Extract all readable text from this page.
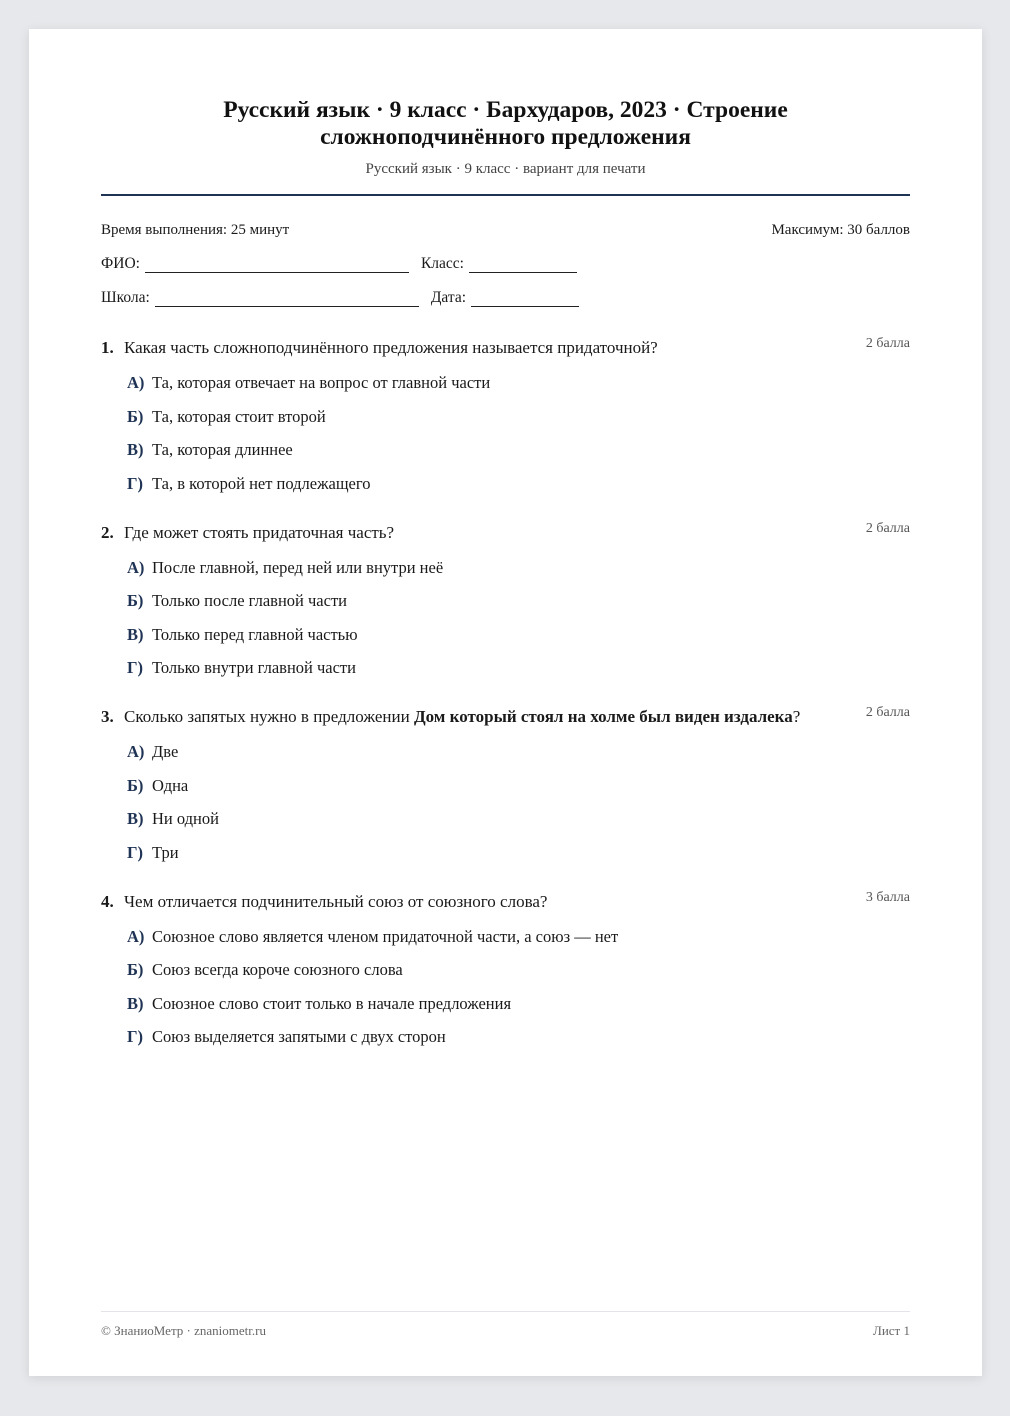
Русский язык · 9 класс · Бархударов, 2023 · Строение
сложноподчинённого предложения
Русский язык · 9 класс · вариант для печати
Время выполнения: 25 минут	Максимум: 30 баллов
ФИО:	Класс:
Школа:	Дата:
1. Какая часть сложноподчинённого предложения называется придаточной?	2 балла
А) Та, которая отвечает на вопрос от главной части
Б) Та, которая стоит второй
В) Та, которая длиннее
Г) Та, в которой нет подлежащего
2. Где может стоять придаточная часть?	2 балла
А) После главной, перед ней или внутри неё
Б) Только после главной части
В) Только перед главной частью
Г) Только внутри главной части
3. Сколько запятых нужно в предложении Дом который стоял на холме был виден издалека?	2 балла
А) Две
Б) Одна
В) Ни одной
Г) Три
4. Чем отличается подчинительный союз от союзного слова?	3 балла
А) Союзное слово является членом придаточной части, а союз — нет
Б) Союз всегда короче союзного слова
В) Союзное слово стоит только в начале предложения
Г) Союз выделяется запятыми с двух сторон
© ЗнаниоМетр · znaniometr.ru	Лист 1
